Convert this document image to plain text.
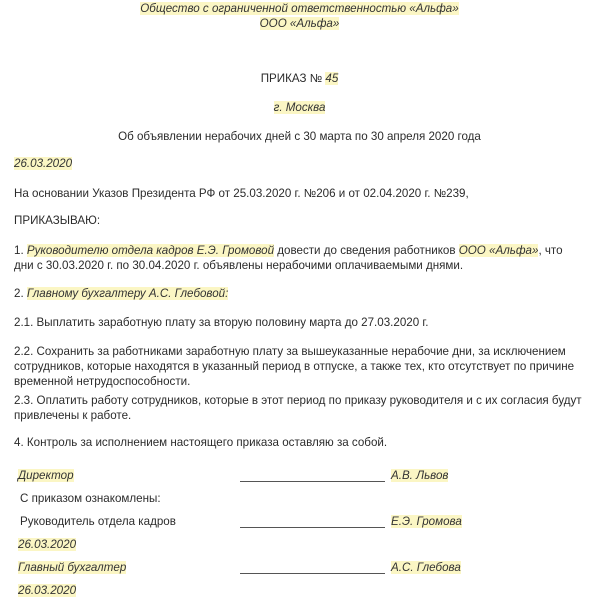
Общество с ограниченной ответственностью «Альфа»
ООО «Альфа»
ПРИКАЗ № 45
г. Москва
Об объявлении нерабочих дней с 30 марта по 30 апреля 2020 года
26.03.2020
На основании Указов Президента РФ от 25.03.2020 г. №206 и от 02.04.2020 г. №239,
ПРИКАЗЫВАЮ:
1. Руководителю отдела кадров Е.Э. Громовой довести до сведения работников ООО «Альфа», что дни с 30.03.2020 г. по 30.04.2020 г. объявлены нерабочими оплачиваемыми днями.
2. Главному бухгалтеру А.С. Глебовой:
2.1. Выплатить заработную плату за вторую половину марта до 27.03.2020 г.
2.2. Сохранить за работниками заработную плату за вышеуказанные нерабочие дни, за исключением сотрудников, которые находятся в указанный период в отпуске, а также тех, кто отсутствует по причине временной нетрудоспособности.
2.3. Оплатить работу сотрудников, которые в этот период по приказу руководителя и с их согласия будут привлечены к работе.
4. Контроль за исполнением настоящего приказа оставляю за собой.
Директор	А.В. Львов
С приказом ознакомлены:
Руководитель отдела кадров	Е.Э. Громова
26.03.2020
Главный бухгалтер	А.С. Глебова
26.03.2020
